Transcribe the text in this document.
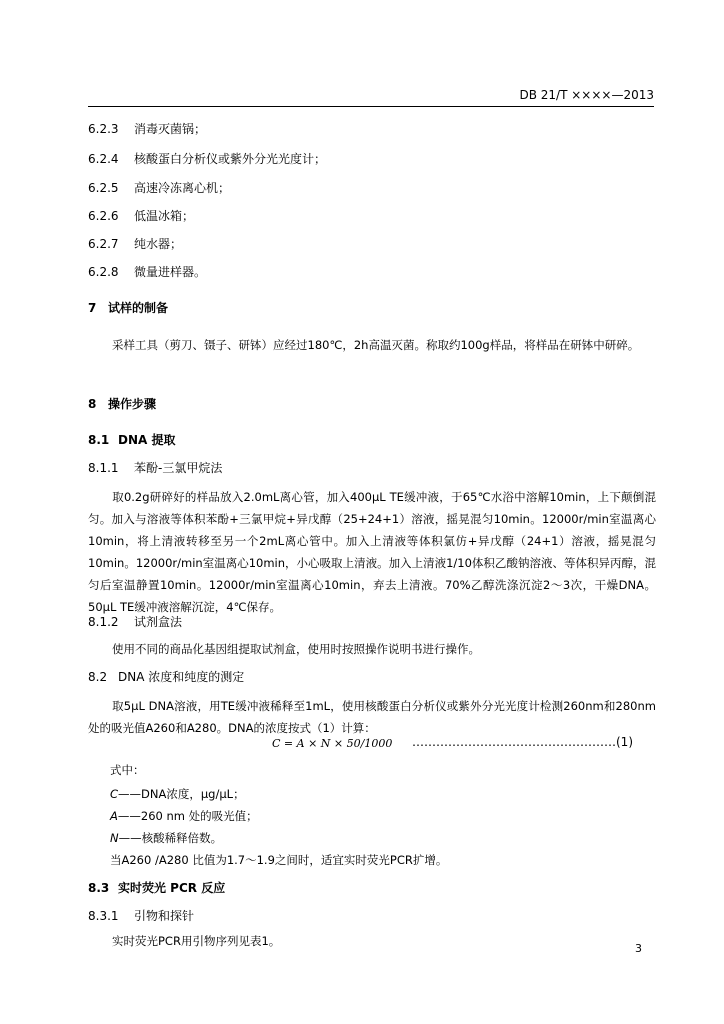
DB 21/T ××××—2013
6.2.3 消毒灭菌锅；
6.2.4 核酸蛋白分析仪或紫外分光光度计；
6.2.5 高速冷冻离心机；
6.2.6 低温冰箱；
6.2.7 纯水器；
6.2.8 微量进样器。
7 试样的制备
采样工具（剪刀、镊子、研钵）应经过180℃，2h高温灭菌。称取约100g样品，将样品在研钵中研碎。
8 操作步骤
8.1 DNA 提取
8.1.1 苯酚-三氯甲烷法
取0.2g研碎好的样品放入2.0mL离心管，加入400μL TE缓冲液，于65℃水浴中溶解10min，上下颠倒混匀。加入与溶液等体积苯酚+三氯甲烷+异戊醇（25+24+1）溶液，摇晃混匀10min。12000r/min室温离心10min，将上清液转移至另一个2mL离心管中。加入上清液等体积氯仿+异戊醇（24+1）溶液，摇晃混匀10min。12000r/min室温离心10min，小心吸取上清液。加入上清液1/10体积乙酸钠溶液、等体积异丙醇，混匀后室温静置10min。12000r/min室温离心10min，弃去上清液。70%乙醇洗涤沉淀2～3次，干燥DNA。50μL TE缓冲液溶解沉淀，4℃保存。
8.1.2 试剂盒法
使用不同的商品化基因组提取试剂盒，使用时按照操作说明书进行操作。
8.2 DNA 浓度和纯度的测定
取5μL DNA溶液，用TE缓冲液稀释至1mL，使用核酸蛋白分析仪或紫外分光光度计检测260nm和280nm处的吸光值A260和A280。DNA的浓度按式（1）计算：
C = A × N × 50/1000 ……………………………………………(1)
式中：
C——DNA浓度，μg/μL；
A——260 nm 处的吸光值；
N——核酸稀释倍数。
当A260 /A280 比值为1.7～1.9之间时，适宜实时荧光PCR扩增。
8.3 实时荧光 PCR 反应
8.3.1 引物和探针
实时荧光PCR用引物序列见表1。
3
